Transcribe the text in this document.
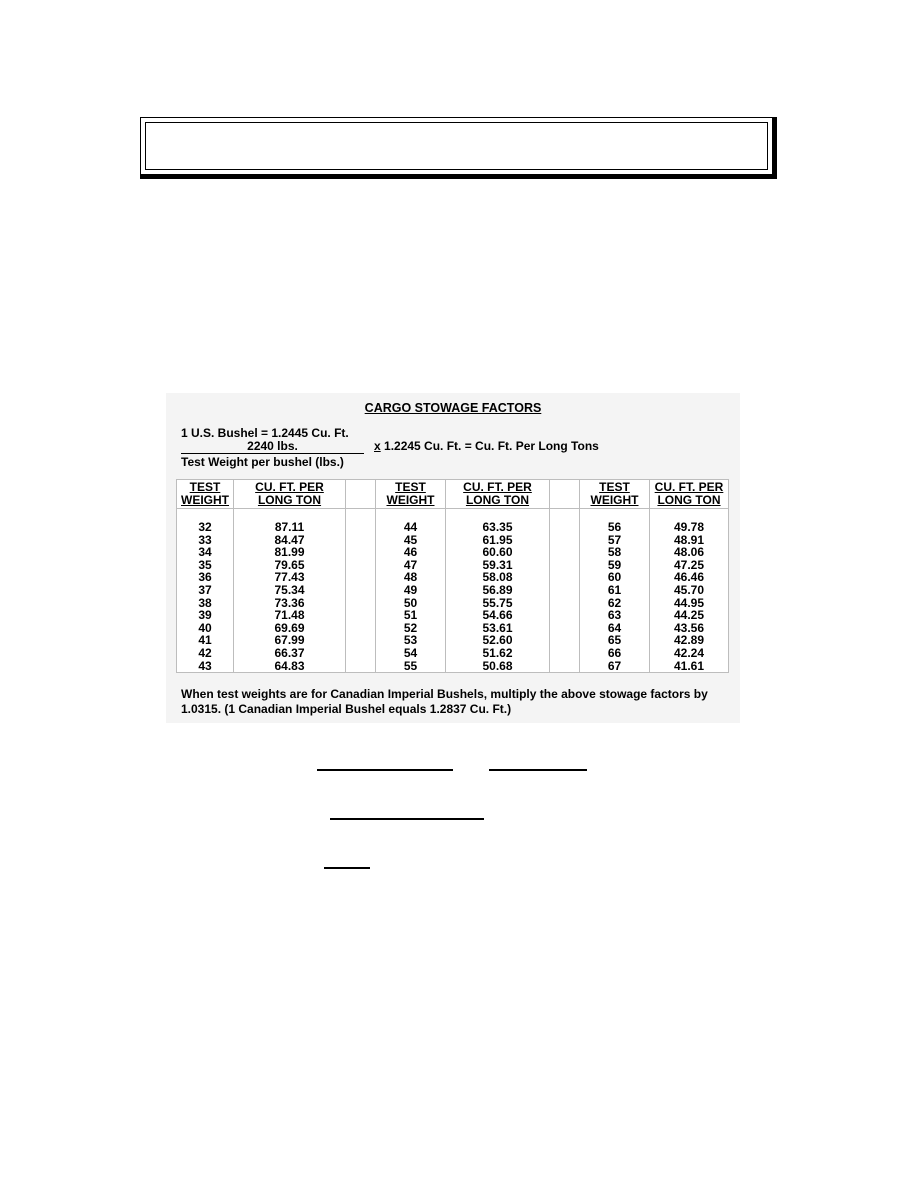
CARGO STOWAGE FACTORS
1 U.S. Bushel = 1.2445 Cu. Ft.
2240 lbs.
Test Weight per bushel (lbs.)
x 1.2245 Cu. Ft. = Cu. Ft. Per Long Tons
TEST
WEIGHT	CU. FT. PER
LONG TON		TEST
WEIGHT	CU. FT. PER
LONG TON		TEST
WEIGHT	CU. FT. PER
LONG TON

32	87.11		44	63.35		56	49.78
33	84.47		45	61.95		57	48.91
34	81.99		46	60.60		58	48.06
35	79.65		47	59.31		59	47.25
36	77.43		48	58.08		60	46.46
37	75.34		49	56.89		61	45.70
38	73.36		50	55.75		62	44.95
39	71.48		51	54.66		63	44.25
40	69.69		52	53.61		64	43.56
41	67.99		53	52.60		65	42.89
42	66.37		54	51.62		66	42.24
43	64.83		55	50.68		67	41.61
When test weights are for Canadian Imperial Bushels, multiply the above stowage factors by 1.0315. (1 Canadian Imperial Bushel equals 1.2837 Cu. Ft.)
